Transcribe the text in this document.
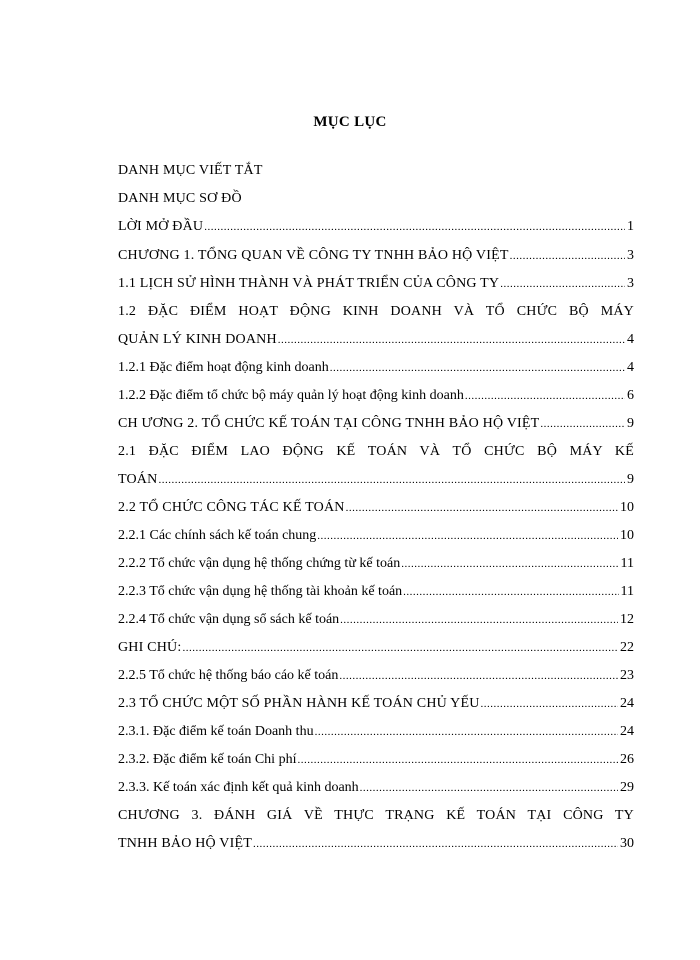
MỤC LỤC
DANH MỤC VIẾT TẮT
DANH MỤC SƠ ĐỒ
LỜI MỞ ĐẦU .....	1
CHƯƠNG 1. TỔNG QUAN VỀ CÔNG TY TNHH BẢO HỘ VIỆT .....	3
1.1 LỊCH SỬ HÌNH THÀNH VÀ PHÁT TRIỂN CỦA CÔNG TY .....	3
1.2 ĐẶC ĐIỂM HOẠT ĐỘNG KINH DOANH VÀ TỔ CHỨC BỘ MÁY
QUẢN LÝ KINH DOANH .....	4
1.2.1 Đặc điểm hoạt động kinh doanh .....	4
1.2.2 Đặc điểm tổ chức bộ máy quản lý hoạt động kinh doanh .....	6
CH ƯƠNG 2. TỔ CHỨC KẾ TOÁN TẠI CÔNG TNHH BẢO HỘ VIỆT .....	9
2.1 ĐẶC ĐIỂM LAO ĐỘNG KẾ TOÁN VÀ TỔ CHỨC BỘ MÁY KẾ
TOÁN .....	9
2.2 TỔ CHỨC CÔNG TÁC KẾ TOÁN .....	10
2.2.1 Các chính sách kế toán chung .....	10
2.2.2 Tổ chức vận dụng hệ thống chứng từ kế toán .....	11
2.2.3 Tổ chức vận dụng hệ thống tài khoản kế toán .....	11
2.2.4 Tổ chức vận dụng sổ sách kế toán .....	12
GHI CHÚ: .....	22
2.2.5 Tổ chức hệ thống báo cáo kế toán .....	23
2.3 TỔ CHỨC MỘT SỐ PHẦN HÀNH KẾ TOÁN CHỦ YẾU .....	24
2.3.1. Đặc điểm kế toán Doanh thu .....	24
2.3.2. Đặc điểm kế toán Chi phí .....	26
2.3.3. Kế toán xác định kết quả kinh doanh .....	29
CHƯƠNG 3. ĐÁNH GIÁ VỀ THỰC TRẠNG KẾ TOÁN TẠI CÔNG TY
TNHH BẢO HỘ VIỆT .....	30
